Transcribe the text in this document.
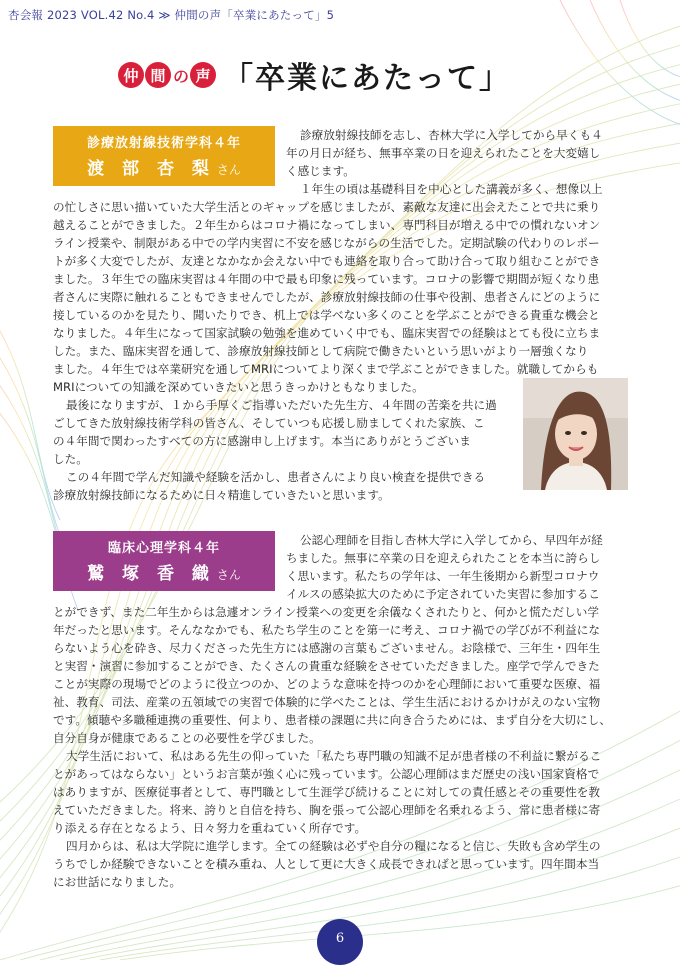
杏会報 2023 VOL.42 No.4 ≫ 仲間の声「卒業にあたって」5
仲 間 の 声 「卒業にあたって」
診療放射線技術学科４年
渡 部 杏 梨 さん
診療放射線技師を志し、杏林大学に入学してから早くも４
年の月日が経ち、無事卒業の日を迎えられたことを大変嬉し
く感じます。
１年生の頃は基礎科目を中心とした講義が多く、想像以上
の忙しさに思い描いていた大学生活とのギャップを感じましたが、素敵な友達に出会えたことで共に乗り
越えることができました。２年生からはコロナ禍になってしまい、専門科目が増える中での慣れないオン
ライン授業や、制限がある中での学内実習に不安を感じながらの生活でした。定期試験の代わりのレポー
トが多く大変でしたが、友達となかなか会えない中でも連絡を取り合って助け合って取り組むことができ
ました。３年生での臨床実習は４年間の中で最も印象に残っています。コロナの影響で期間が短くなり患
者さんに実際に触れることもできませんでしたが、診療放射線技師の仕事や役割、患者さんにどのように
接しているのかを見たり、聞いたりでき、机上では学べない多くのことを学ぶことができる貴重な機会と
なりました。４年生になって国家試験の勉強を進めていく中でも、臨床実習での経験はとても役に立ちま
した。また、臨床実習を通して、診療放射線技師として病院で働きたいという思いがより一層強くなり
ました。４年生では卒業研究を通してMRIについてより深くまで学ぶことができました。就職してからも
MRIについての知識を深めていきたいと思うきっかけともなりました。
最後になりますが、１から手厚くご指導いただいた先生方、４年間の苦楽を共に過
ごしてきた放射線技術学科の皆さん、そしていつも応援し励ましてくれた家族、こ
の４年間で関わったすべての方に感謝申し上げます。本当にありがとうございま
した。
この４年間で学んだ知識や経験を活かし、患者さんにより良い検査を提供できる
診療放射線技師になるために日々精進していきたいと思います。
臨床心理学科４年
鷲 塚 香 織 さん
公認心理師を目指し杏林大学に入学してから、早四年が経
ちました。無事に卒業の日を迎えられたことを本当に誇らし
く思います。私たちの学年は、一年生後期から新型コロナウ
イルスの感染拡大のために予定されていた実習に参加するこ
とができず、また二年生からは急遽オンライン授業への変更を余儀なくされたりと、何かと慌ただしい学
年だったと思います。そんななかでも、私たち学生のことを第一に考え、コロナ禍での学びが不利益にな
らないよう心を砕き、尽力くださった先生方には感謝の言葉もございません。お陰様で、三年生・四年生
と実習・演習に参加することができ、たくさんの貴重な経験をさせていただきました。座学で学んできた
ことが実際の現場でどのように役立つのか、どのような意味を持つのかを心理師において重要な医療、福
祉、教育、司法、産業の五領域での実習で体験的に学べたことは、学生生活におけるかけがえのない宝物
です。傾聴や多職種連携の重要性、何より、患者様の課題に共に向き合うためには、まず自分を大切にし、
自分自身が健康であることの必要性を学びました。
大学生活において、私はある先生の仰っていた「私たち専門職の知識不足が患者様の不利益に繋がるこ
とがあってはならない」というお言葉が強く心に残っています。公認心理師はまだ歴史の浅い国家資格で
はありますが、医療従事者として、専門職として生涯学び続けることに対しての責任感とその重要性を教
えていただきました。将来、誇りと自信を持ち、胸を張って公認心理師を名乗れるよう、常に患者様に寄
り添える存在となるよう、日々努力を重ねていく所存です。
四月からは、私は大学院に進学します。全ての経験は必ずや自分の糧になると信じ、失敗も含め学生の
うちでしか経験できないことを積み重ね、人として更に大きく成長できればと思っています。四年間本当
にお世話になりました。
6
